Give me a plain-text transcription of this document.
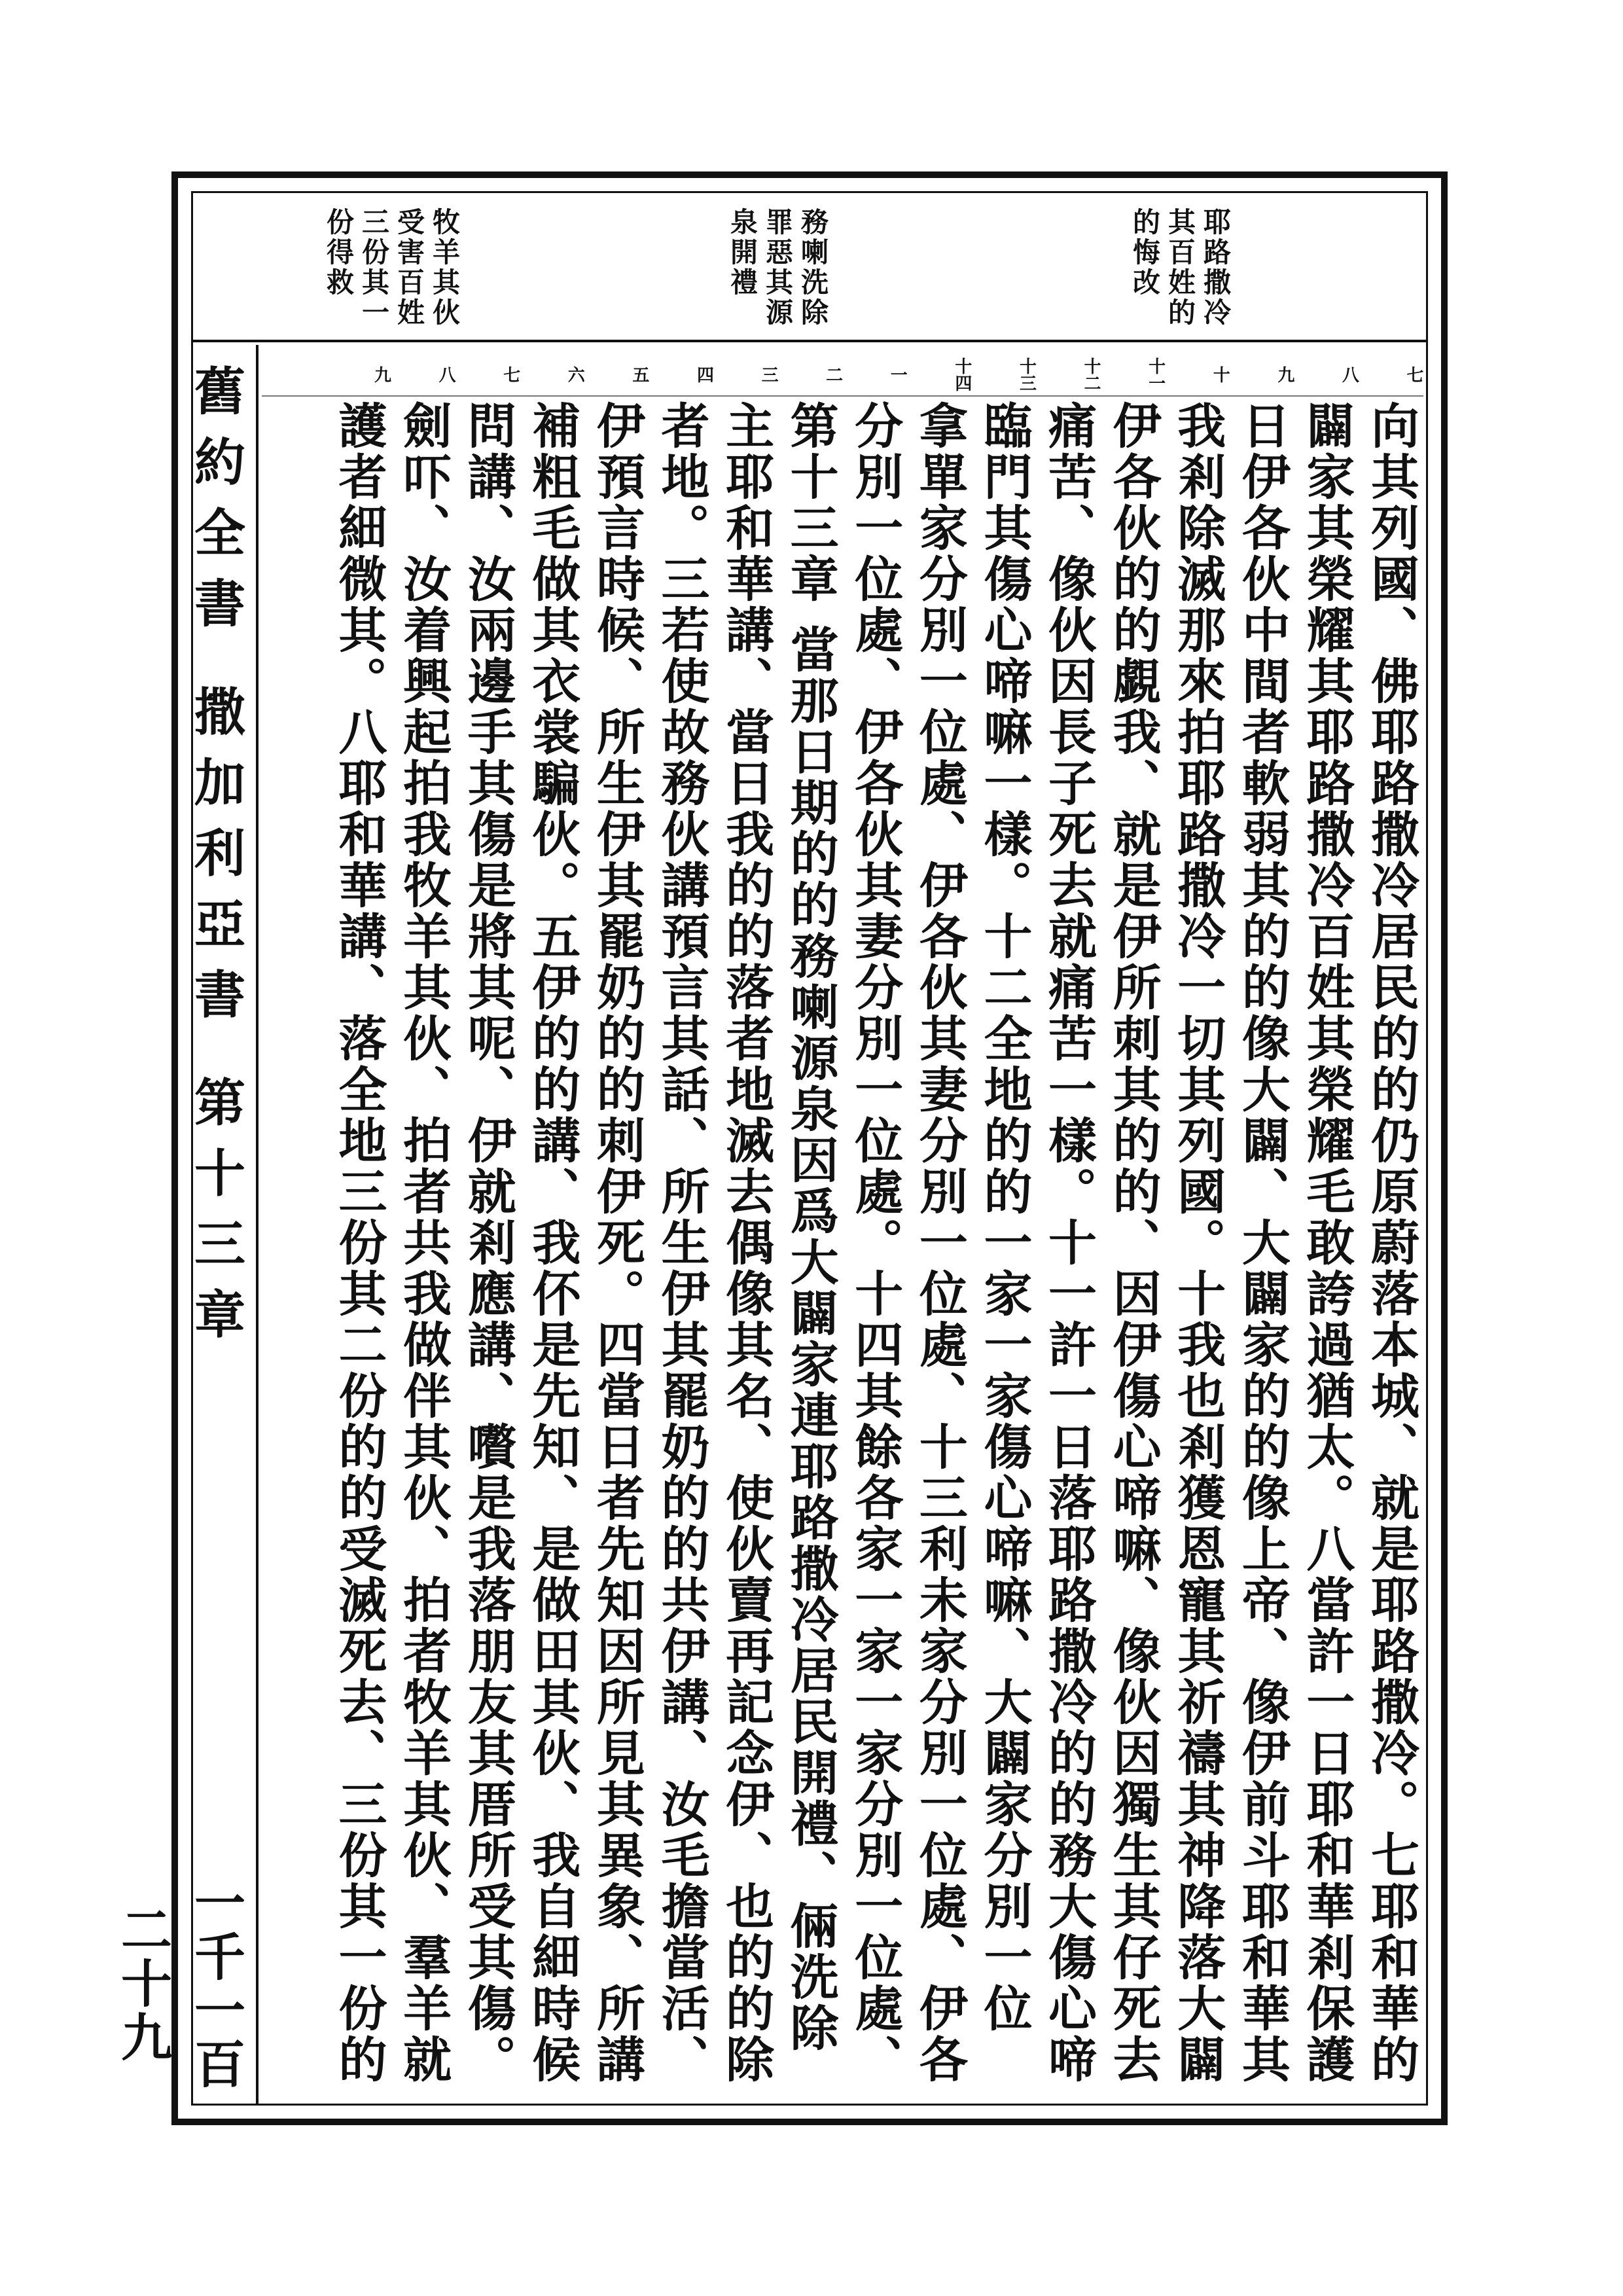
耶路撒冷
其百姓的
的悔改
務喇洗除
罪惡其源
泉開禮
牧羊其伙
受害百姓
三份其一
份得救
舊約全書 撒加利亞書 第十三章
一千一百二十九
七
八
九
十
十一
十二
十三
十四
一
二
三
四
五
六
七
八
九
向其列國、佛耶路撒冷居民的的仍原蔚落本城、就是耶路撒冷。七耶和華的
闢家其榮耀其耶路撒冷百姓其榮耀毛敢誇過猶太。八當許一日耶和華剎保護
日伊各伙中間者軟弱其的的像大闢、大闢家的的像上帝、像伊前斗耶和華其
我剎除滅那來拍耶路撒冷一切其列國。十我也剎獲恩寵其祈禱其神降落大闢
伊各伙的的覷我、就是伊所刺其的的、因伊傷心啼嘛、像伙因獨生其仔死去
痛苦、像伙因長子死去就痛苦一樣。十一許一日落耶路撒冷的的務大傷心啼
臨門其傷心啼嘛一樣。十二全地的的一家一家傷心啼嘛、大闢家分別一位
拿單家分別一位處、伊各伙其妻分別一位處、十三利未家分別一位處、伊各
分別一位處、伊各伙其妻分別一位處。十四其餘各家一家一家分別一位處、
第十三章 當那日期的的務喇源泉因爲大闢家連耶路撒冷居民開禮、倆洗除
主耶和華講、當日我的的落者地滅去偶像其名、使伙賣再記念伊、也的的除
者地。三若使故務伙講預言其話、所生伊其罷奶的的共伊講、汝毛擔當活、
伊預言時候、所生伊其罷奶的的刺伊死。四當日者先知因所見其異象、所講
補粗毛做其衣裳騙伙。五伊的的講、我伓是先知、是做田其伙、我自細時候
問講、汝兩邊手其傷是將其呢、伊就剎應講、嚽是我落朋友其厝所受其傷。
劍吓、汝着興起拍我牧羊其伙、拍者共我做伴其伙、拍者牧羊其伙、羣羊就
護者細微其。八耶和華講、落全地三份其二份的的受滅死去、三份其一份的
